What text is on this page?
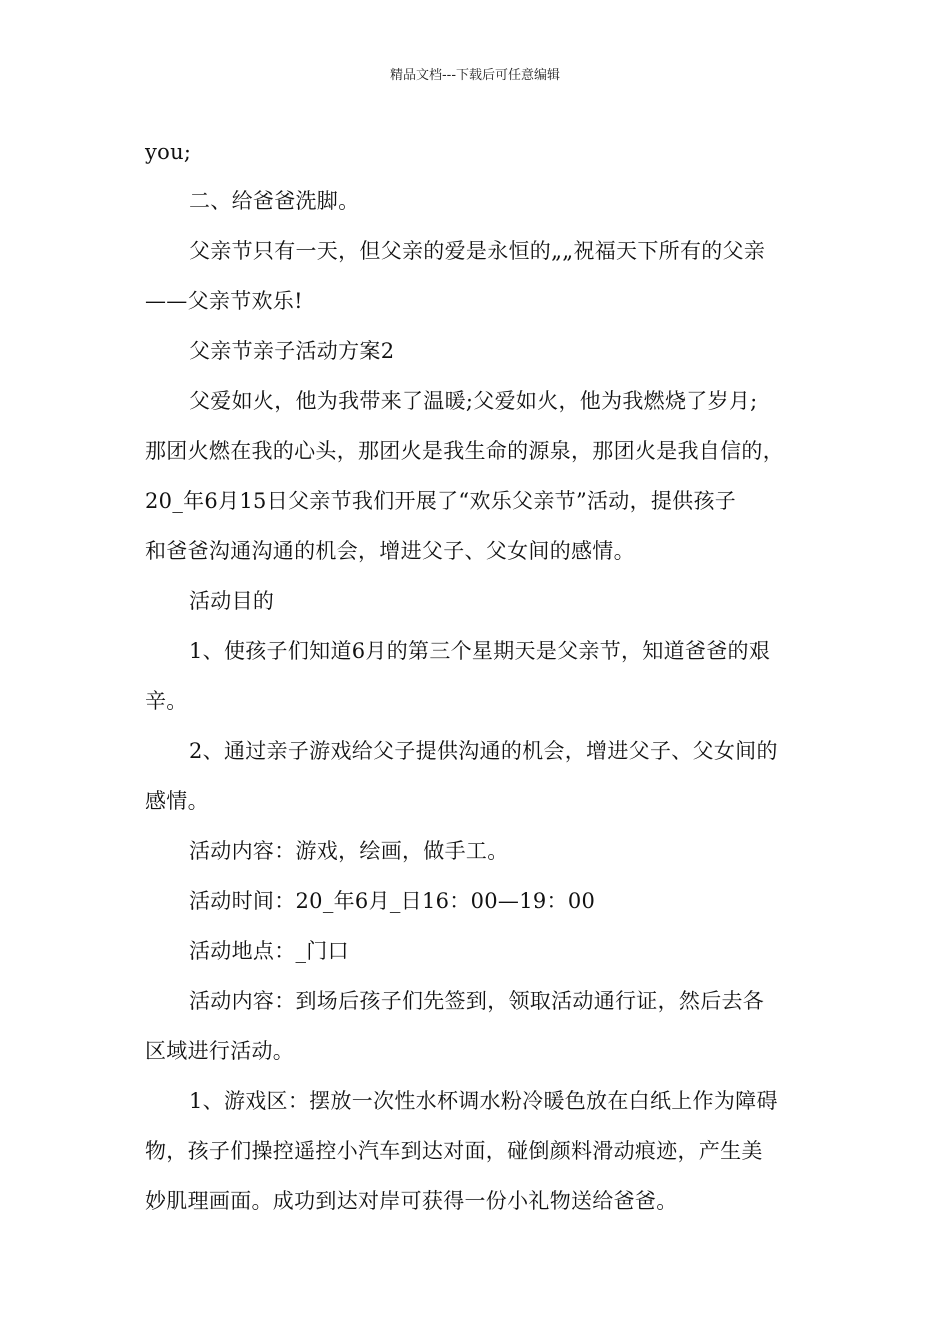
精品文档---下载后可任意编辑
you;
二、给爸爸洗脚。
父亲节只有一天，但父亲的爱是永恒的„„祝福天下所有的父亲
——父亲节欢乐!
父亲节亲子活动方案2
父爱如火，他为我带来了温暖;父爱如火，他为我燃烧了岁月;
那团火燃在我的心头，那团火是我生命的源泉，那团火是我自信的，
20_年6月15日父亲节我们开展了“欢乐父亲节”活动，提供孩子
和爸爸沟通沟通的机会，增进父子、父女间的感情。
活动目的
1、使孩子们知道6月的第三个星期天是父亲节，知道爸爸的艰
辛。
2、通过亲子游戏给父子提供沟通的机会，增进父子、父女间的
感情。
活动内容：游戏，绘画，做手工。
活动时间：20_年6月_日16：00—19：00
活动地点：_门口
活动内容：到场后孩子们先签到，领取活动通行证，然后去各
区域进行活动。
1、游戏区：摆放一次性水杯调水粉冷暖色放在白纸上作为障碍
物，孩子们操控遥控小汽车到达对面，碰倒颜料滑动痕迹，产生美
妙肌理画面。成功到达对岸可获得一份小礼物送给爸爸。
